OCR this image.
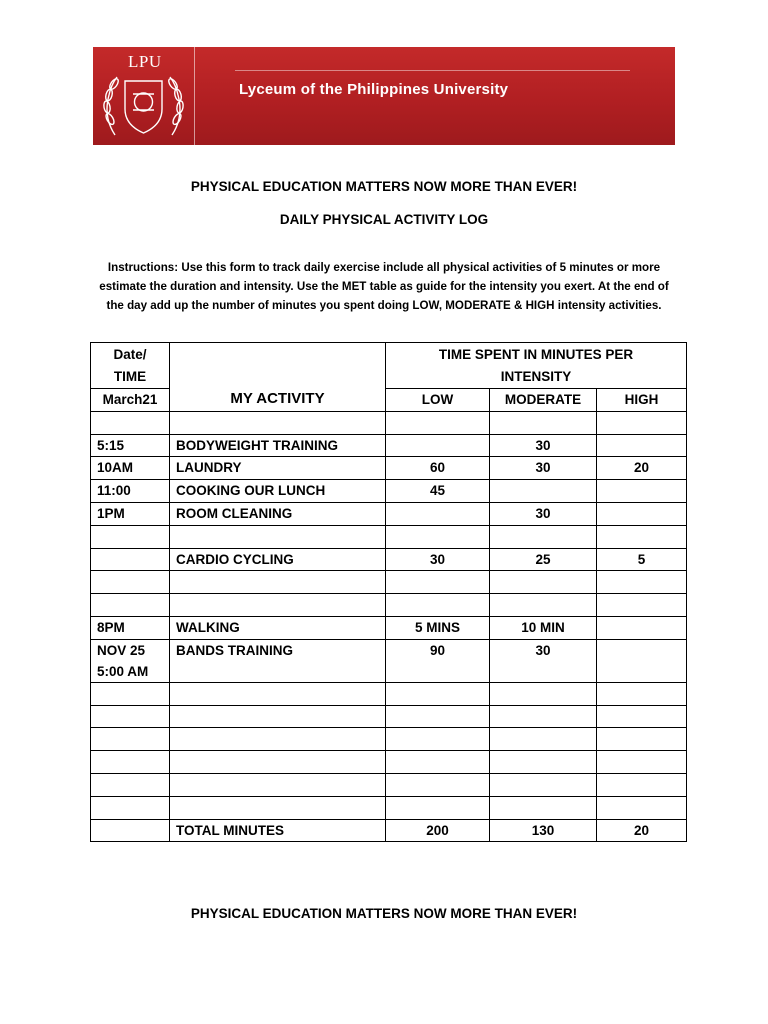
LPU
Lyceum of the Philippines University
PHYSICAL EDUCATION MATTERS NOW MORE THAN EVER!
DAILY PHYSICAL ACTIVITY LOG
Instructions: Use this form to track daily exercise include all physical activities of 5 minutes or more estimate the duration and intensity. Use the MET table as guide for the intensity you exert. At the end of the day add up the number of minutes you spent doing LOW, MODERATE & HIGH intensity activities.
Date/
TIME	MY ACTIVITY	TIME SPENT IN MINUTES PER INTENSITY		

March21		LOW	MODERATE	HIGH

5:15	BODYWEIGHT TRAINING		30	
10AM	LAUNDRY	60	30	20
11:00	COOKING OUR LUNCH	45		
1PM	ROOM CLEANING		30	

	CARDIO CYCLING	30	25	5

8PM	WALKING	5 MINS	10 MIN	

NOV 25
5:00 AM	BANDS TRAINING	90	30	

	TOTAL MINUTES	200	130	20
PHYSICAL EDUCATION MATTERS NOW MORE THAN EVER!
